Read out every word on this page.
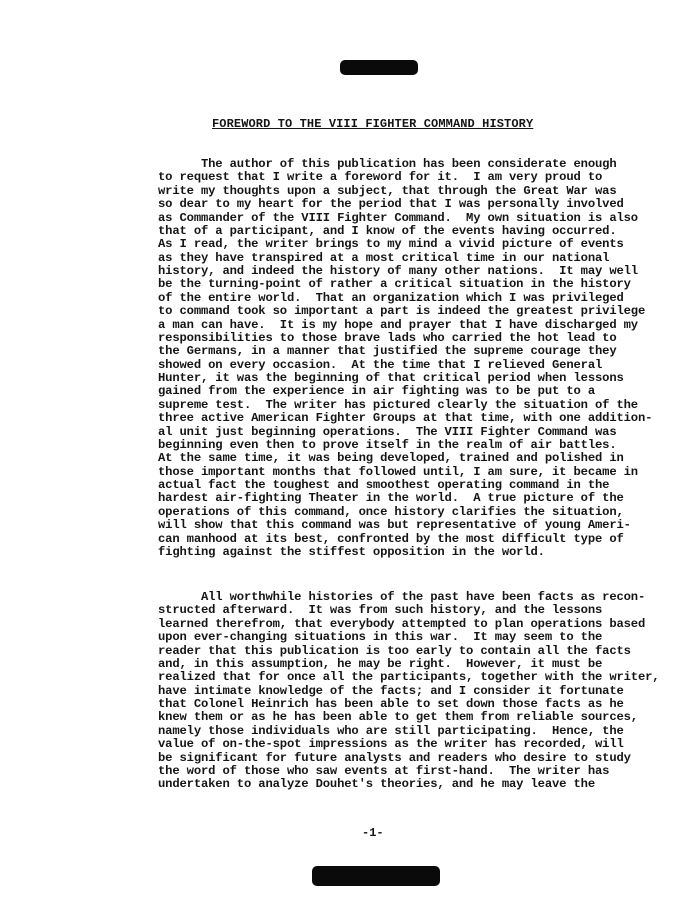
FOREWORD TO THE VIII FIGHTER COMMAND HISTORY

The author of this publication has been considerate enough
to request that I write a foreword for it.  I am very proud to
write my thoughts upon a subject, that through the Great War was
so dear to my heart for the period that I was personally involved
as Commander of the VIII Fighter Command.  My own situation is also
that of a participant, and I know of the events having occurred.
As I read, the writer brings to my mind a vivid picture of events
as they have transpired at a most critical time in our national
history, and indeed the history of many other nations.  It may well
be the turning-point of rather a critical situation in the history
of the entire world.  That an organization which I was privileged
to command took so important a part is indeed the greatest privilege
a man can have.  It is my hope and prayer that I have discharged my
responsibilities to those brave lads who carried the hot lead to
the Germans, in a manner that justified the supreme courage they
showed on every occasion.  At the time that I relieved General
Hunter, it was the beginning of that critical period when lessons
gained from the experience in air fighting was to be put to a
supreme test.  The writer has pictured clearly the situation of the
three active American Fighter Groups at that time, with one addition-
al unit just beginning operations.  The VIII Fighter Command was
beginning even then to prove itself in the realm of air battles.
At the same time, it was being developed, trained and polished in
those important months that followed until, I am sure, it became in
actual fact the toughest and smoothest operating command in the
hardest air-fighting Theater in the world.  A true picture of the
operations of this command, once history clarifies the situation,
will show that this command was but representative of young Ameri-
can manhood at its best, confronted by the most difficult type of
fighting against the stiffest opposition in the world.

All worthwhile histories of the past have been facts as recon-
structed afterward.  It was from such history, and the lessons
learned therefrom, that everybody attempted to plan operations based
upon ever-changing situations in this war.  It may seem to the
reader that this publication is too early to contain all the facts
and, in this assumption, he may be right.  However, it must be
realized that for once all the participants, together with the writer,
have intimate knowledge of the facts; and I consider it fortunate
that Colonel Heinrich has been able to set down those facts as he
knew them or as he has been able to get them from reliable sources,
namely those individuals who are still participating.  Hence, the
value of on-the-spot impressions as the writer has recorded, will
be significant for future analysts and readers who desire to study
the word of those who saw events at first-hand.  The writer has
undertaken to analyze Douhet's theories, and he may leave the

-1-
